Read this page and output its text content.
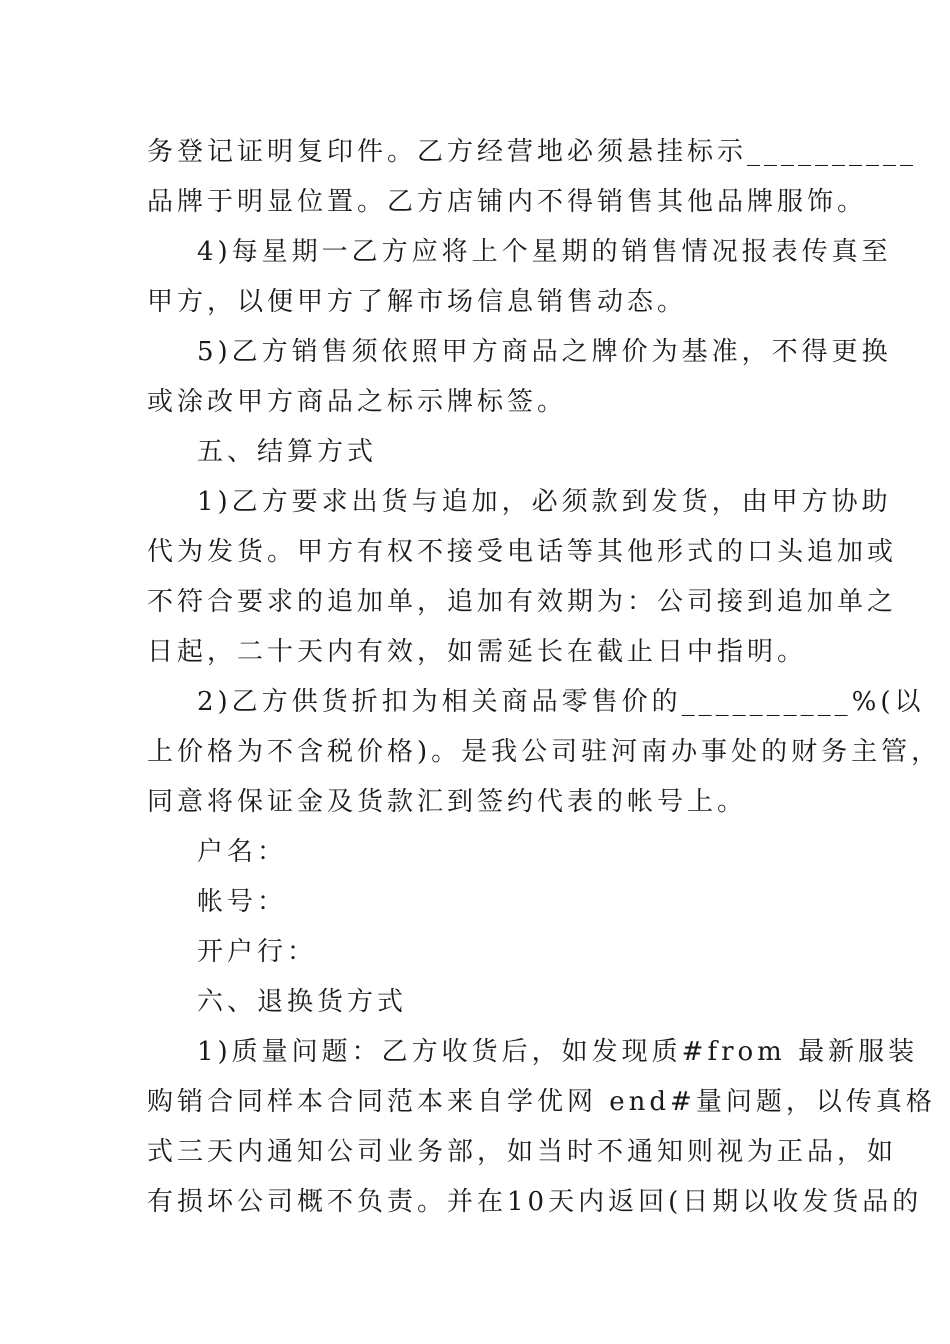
务登记证明复印件。乙方经营地必须悬挂标示__________
品牌于明显位置。乙方店铺内不得销售其他品牌服饰。
4)每星期一乙方应将上个星期的销售情况报表传真至
甲方，以便甲方了解市场信息销售动态。
5)乙方销售须依照甲方商品之牌价为基准，不得更换
或涂改甲方商品之标示牌标签。
五、结算方式
1)乙方要求出货与追加，必须款到发货，由甲方协助
代为发货。甲方有权不接受电话等其他形式的口头追加或
不符合要求的追加单，追加有效期为：公司接到追加单之
日起，二十天内有效，如需延长在截止日中指明。
2)乙方供货折扣为相关商品零售价的__________%(以
上价格为不含税价格)。是我公司驻河南办事处的财务主管，
同意将保证金及货款汇到签约代表的帐号上。
户名：
帐号：
开户行：
六、退换货方式
1)质量问题：乙方收货后，如发现质#from 最新服装
购销合同样本合同范本来自学优网 end#量问题，以传真格
式三天内通知公司业务部，如当时不通知则视为正品，如
有损坏公司概不负责。并在10天内返回(日期以收发货品的
